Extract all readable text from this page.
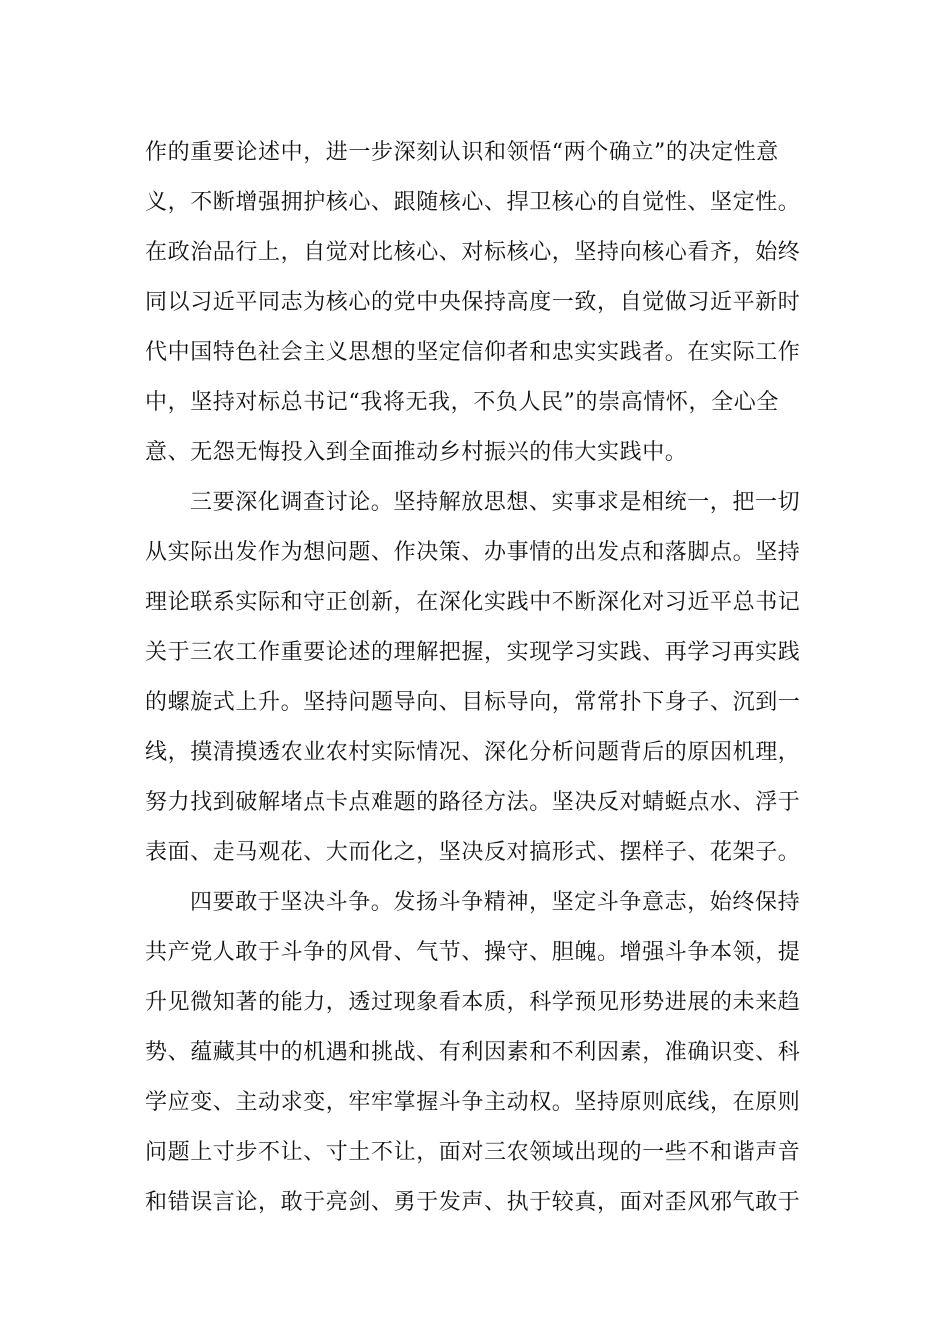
作的重要论述中，进一步深刻认识和领悟“两个确立”的决定性意
义，不断增强拥护核心、跟随核心、捍卫核心的自觉性、坚定性。
在政治品行上，自觉对比核心、对标核心，坚持向核心看齐，始终
同以习近平同志为核心的党中央保持高度一致，自觉做习近平新时
代中国特色社会主义思想的坚定信仰者和忠实实践者。在实际工作
中，坚持对标总书记“我将无我，不负人民”的崇高情怀，全心全
意、无怨无悔投入到全面推动乡村振兴的伟大实践中。
三要深化调查讨论。坚持解放思想、实事求是相统一，把一切
从实际出发作为想问题、作决策、办事情的出发点和落脚点。坚持
理论联系实际和守正创新，在深化实践中不断深化对习近平总书记
关于三农工作重要论述的理解把握，实现学习实践、再学习再实践
的螺旋式上升。坚持问题导向、目标导向，常常扑下身子、沉到一
线，摸清摸透农业农村实际情况、深化分析问题背后的原因机理，
努力找到破解堵点卡点难题的路径方法。坚决反对蜻蜓点水、浮于
表面、走马观花、大而化之，坚决反对搞形式、摆样子、花架子。
四要敢于坚决斗争。发扬斗争精神，坚定斗争意志，始终保持
共产党人敢于斗争的风骨、气节、操守、胆魄。增强斗争本领，提
升见微知著的能力，透过现象看本质，科学预见形势进展的未来趋
势、蕴藏其中的机遇和挑战、有利因素和不利因素，准确识变、科
学应变、主动求变，牢牢掌握斗争主动权。坚持原则底线，在原则
问题上寸步不让、寸土不让，面对三农领域出现的一些不和谐声音
和错误言论，敢于亮剑、勇于发声、执于较真，面对歪风邪气敢于
